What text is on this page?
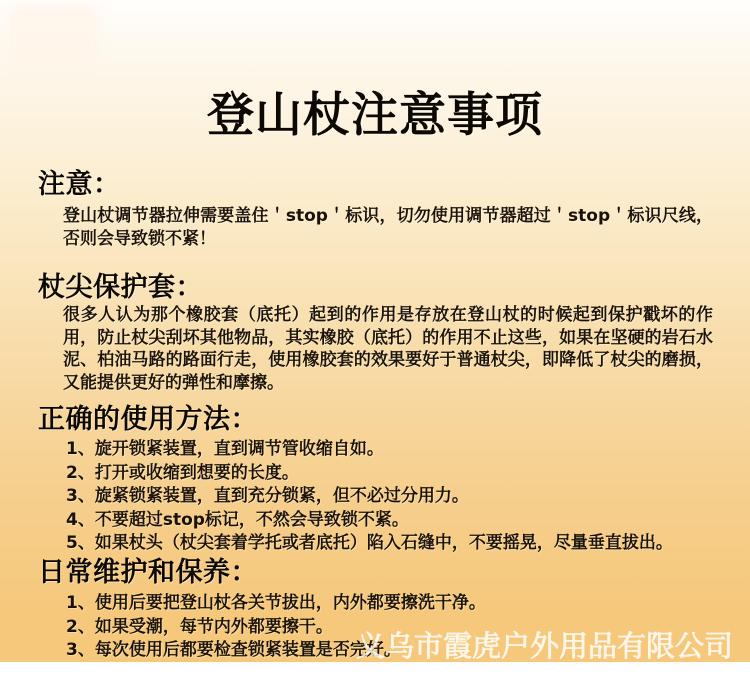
登山杖注意事项
注意：

登山杖调节器拉伸需要盖住＇stop＇标识，切勿使用调节器超过＇stop＇标识尺线，否则会导致锁不紧！

杖尖保护套：

很多人认为那个橡胶套（底托）起到的作用是存放在登山杖的时候起到保护戳坏的作用，防止杖尖刮坏其他物品，其实橡胶（底托）的作用不止这些，如果在坚硬的岩石水泥、柏油马路的路面行走，使用橡胶套的效果要好于普通杖尖，即降低了杖尖的磨损，又能提供更好的弹性和摩擦。

正确的使用方法：
1、旋开锁紧装置，直到调节管收缩自如。
2、打开或收缩到想要的长度。
3、旋紧锁紧装置，直到充分锁紧，但不必过分用力。
4、不要超过stop标记，不然会导致锁不紧。
5、如果杖头（杖尖套着学托或者底托）陷入石缝中，不要摇晃，尽量垂直拔出。
日常维护和保养：
1、使用后要把登山杖各关节拔出，内外都要擦洗干净。
2、如果受潮，每节内外都要擦干。
3、每次使用后都要检查锁紧装置是否完好。
义乌市霞虎户外用品有限公司
